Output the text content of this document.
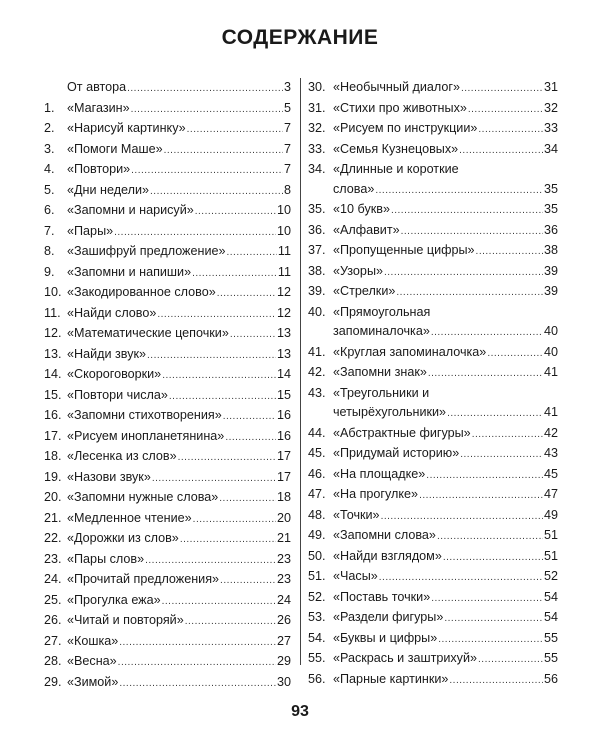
СОДЕРЖАНИЕ
От автора .....	3
1. «Магазин» .....	5
2. «Нарисуй картинку» .....	7
3. «Помоги Маше» .....	7
4. «Повтори» .....	7
5. «Дни недели» .....	8
6. «Запомни и нарисуй» .....	10
7. «Пары» .....	10
8. «Зашифруй предложение» .....	11
9. «Запомни и напиши» .....	11
10. «Закодированное слово» .....	12
11. «Найди слово» .....	12
12. «Математические цепочки» .....	13
13. «Найди звук» .....	13
14. «Скороговорки» .....	14
15. «Повтори числа» .....	15
16. «Запомни стихотворения» .....	16
17. «Рисуем инопланетянина» .....	16
18. «Лесенка из слов» .....	17
19. «Назови звук» .....	17
20. «Запомни нужные слова» .....	18
21. «Медленное чтение» .....	20
22. «Дорожки из слов» .....	21
23. «Пары слов» .....	23
24. «Прочитай предложения» .....	23
25. «Прогулка ежа» .....	24
26. «Читай и повторяй» .....	26
27. «Кошка» .....	27
28. «Весна» .....	29
29. «Зимой» .....	30
30. «Необычный диалог» .....	31
31. «Стихи про животных» .....	32
32. «Рисуем по инструкции» .....	33
33. «Семья Кузнецовых» .....	34
34. «Длинные и короткие
слова» .....	35
35. «10 букв» .....	35
36. «Алфавит» .....	36
37. «Пропущенные цифры» .....	38
38. «Узоры» .....	39
39. «Стрелки» .....	39
40. «Прямоугольная
запоминалочка» .....	40
41. «Круглая запоминалочка» .....	40
42. «Запомни знак» .....	41
43. «Треугольники и
четырёхугольники» .....	41
44. «Абстрактные фигуры» .....	42
45. «Придумай историю» .....	43
46. «На площадке» .....	45
47. «На прогулке» .....	47
48. «Точки» .....	49
49. «Запомни слова» .....	51
50. «Найди взглядом» .....	51
51. «Часы» .....	52
52. «Поставь точки» .....	54
53. «Раздели фигуры» .....	54
54. «Буквы и цифры» .....	55
55. «Раскрась и заштрихуй» .....	55
56. «Парные картинки» .....	56
93
